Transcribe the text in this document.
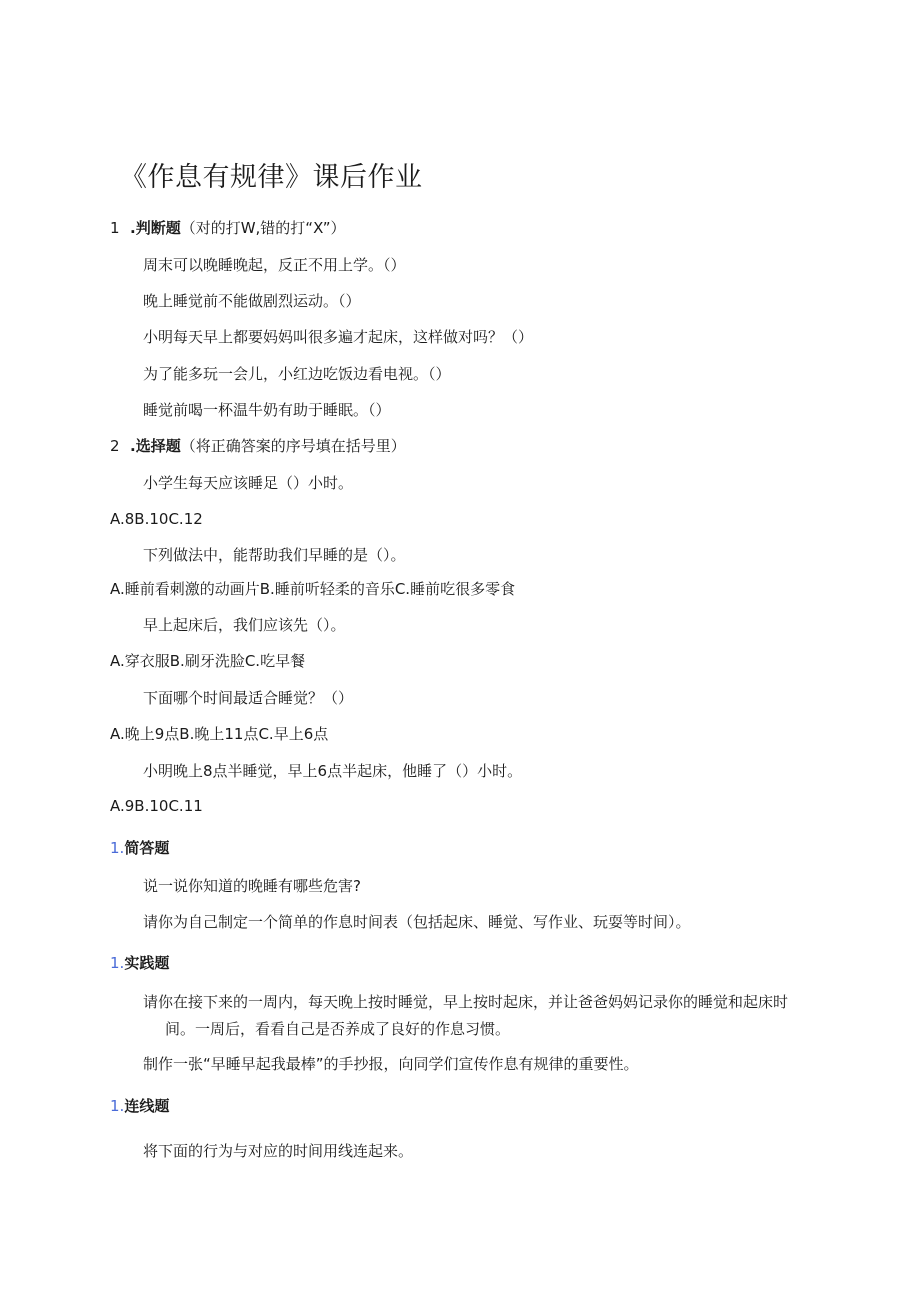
《作息有规律》课后作业
1 .判断题（对的打W,错的打“X”）
周末可以晚睡晚起，反正不用上学。（）
晚上睡觉前不能做剧烈运动。（）
小明每天早上都要妈妈叫很多遍才起床，这样做对吗？（）
为了能多玩一会儿，小红边吃饭边看电视。（）
睡觉前喝一杯温牛奶有助于睡眠。（）
2 .选择题（将正确答案的序号填在括号里）
小学生每天应该睡足（）小时。
A.8B.10C.12
下列做法中，能帮助我们早睡的是（）。
A.睡前看刺激的动画片B.睡前听轻柔的音乐C.睡前吃很多零食
早上起床后，我们应该先（）。
A.穿衣服B.刷牙洗脸C.吃早餐
下面哪个时间最适合睡觉？（）
A.晚上9点B.晚上11点C.早上6点
小明晚上8点半睡觉，早上6点半起床，他睡了（）小时。
A.9B.10C.11
1.简答题
说一说你知道的晚睡有哪些危害?
请你为自己制定一个简单的作息时间表（包括起床、睡觉、写作业、玩耍等时间）。
1.实践题
请你在接下来的一周内，每天晚上按时睡觉，早上按时起床，并让爸爸妈妈记录你的睡觉和起床时
间。一周后，看看自己是否养成了良好的作息习惯。
制作一张“早睡早起我最棒”的手抄报，向同学们宣传作息有规律的重要性。
1.连线题
将下面的行为与对应的时间用线连起来。
